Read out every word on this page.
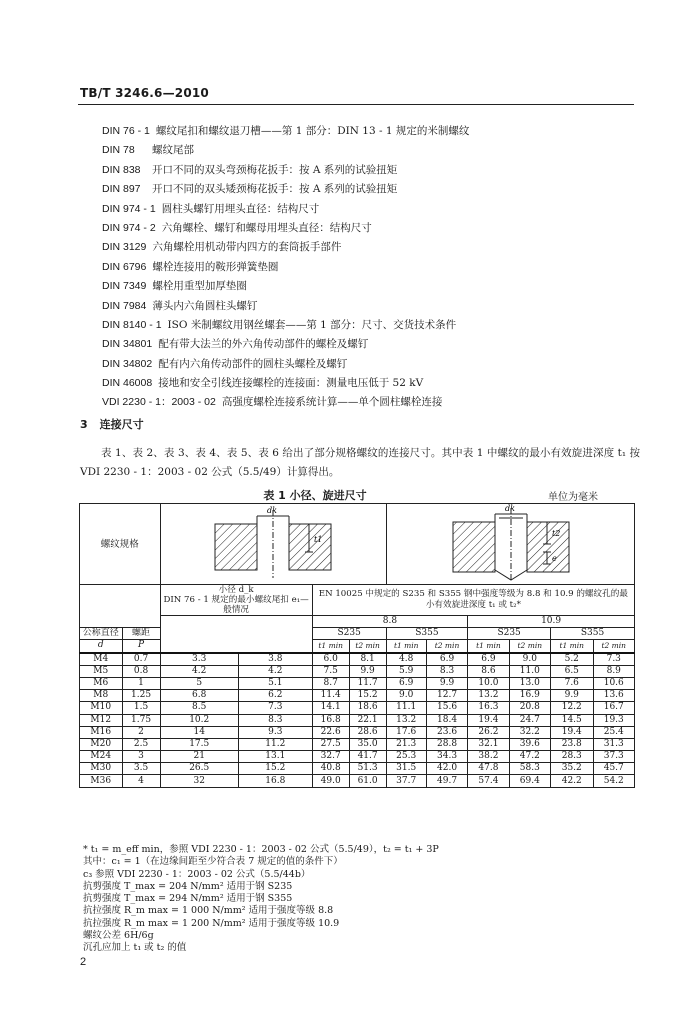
TB/T 3246.6—2010
DIN 76 - 1 螺纹尾扣和螺纹退刀槽——第 1 部分：DIN 13 - 1 规定的米制螺纹
DIN 78 螺纹尾部
DIN 838 开口不同的双头弯颈梅花扳手：按 A 系列的试验扭矩
DIN 897 开口不同的双头矮颈梅花扳手：按 A 系列的试验扭矩
DIN 974 - 1 圆柱头螺钉用埋头直径：结构尺寸
DIN 974 - 2 六角螺栓、螺钉和螺母用埋头直径：结构尺寸
DIN 3129 六角螺栓用机动带内四方的套筒扳手部件
DIN 6796 螺栓连接用的鞍形弹簧垫圈
DIN 7349 螺栓用重型加厚垫圈
DIN 7984 薄头内六角圆柱头螺钉
DIN 8140 - 1 ISO 米制螺纹用钢丝螺套——第 1 部分：尺寸、交货技术条件
DIN 34801 配有带大法兰的外六角传动部件的螺栓及螺钉
DIN 34802 配有内六角传动部件的圆柱头螺栓及螺钉
DIN 46008 接地和安全引线连接螺栓的连接面：测量电压低于 52 kV
VDI 2230 - 1：2003 - 02 高强度螺栓连接系统计算——单个圆柱螺栓连接
3 连接尺寸

表 1、表 2、表 3、表 4、表 5、表 6 给出了部分规格螺纹的连接尺寸。其中表 1 中螺纹的最小有效旋进深度 t₁ 按 VDI 2230 - 1：2003 - 02 公式（5.5/49）计算得出。

表 1 小径、旋进尺寸	单位为毫米
螺纹规格		dk
t1				dk
t2
e					

		小径 d_k
DIN 76 - 1 规定的最小螺纹尾扣 e₁—般情况		EN 10025 中规定的 S235 和 S355 钢中强度等级为 8.8 和 10.9 的螺纹孔的最小有效旋进深度 t₁ 或 t₂*							
				8.8				10.9			
公称直径	螺距			S235		S355		S235		S355	
d	P			t1 min	t2 min	t1 min	t2 min	t1 min	t2 min	t1 min	t2 min
M4	0.7	3.3	3.8	6.0	8.1	4.8	6.9	6.9	9.0	5.2	7.3
M5	0.8	4.2	4.2	7.5	9.9	5.9	8.3	8.6	11.0	6.5	8.9
M6	1	5	5.1	8.7	11.7	6.9	9.9	10.0	13.0	7.6	10.6
M8	1.25	6.8	6.2	11.4	15.2	9.0	12.7	13.2	16.9	9.9	13.6
M10	1.5	8.5	7.3	14.1	18.6	11.1	15.6	16.3	20.8	12.2	16.7
M12	1.75	10.2	8.3	16.8	22.1	13.2	18.4	19.4	24.7	14.5	19.3
M16	2	14	9.3	22.6	28.6	17.6	23.6	26.2	32.2	19.4	25.4
M20	2.5	17.5	11.2	27.5	35.0	21.3	28.8	32.1	39.6	23.8	31.3
M24	3	21	13.1	32.7	41.7	25.3	34.3	38.2	47.2	28.3	37.3
M30	3.5	26.5	15.2	40.8	51.3	31.5	42.0	47.8	58.3	35.2	45.7
M36	4	32	16.8	49.0	61.0	37.7	49.7	57.4	69.4	42.2	54.2
* t₁ = m_eff min，参照 VDI 2230 - 1：2003 - 02 公式（5.5/49），t₂ = t₁ + 3P
其中：c₁ = 1（在边缘间距至少符合表 7 规定的值的条件下）
c₃ 参照 VDI 2230 - 1：2003 - 02 公式（5.5/44b）
抗剪强度 T_max = 204 N/mm² 适用于钢 S235
抗剪强度 T_max = 294 N/mm² 适用于钢 S355
抗拉强度 R_m max = 1 000 N/mm² 适用于强度等级 8.8
抗拉强度 R_m max = 1 200 N/mm² 适用于强度等级 10.9
螺纹公差 6H/6g
沉孔应加上 t₁ 或 t₂ 的值
2
